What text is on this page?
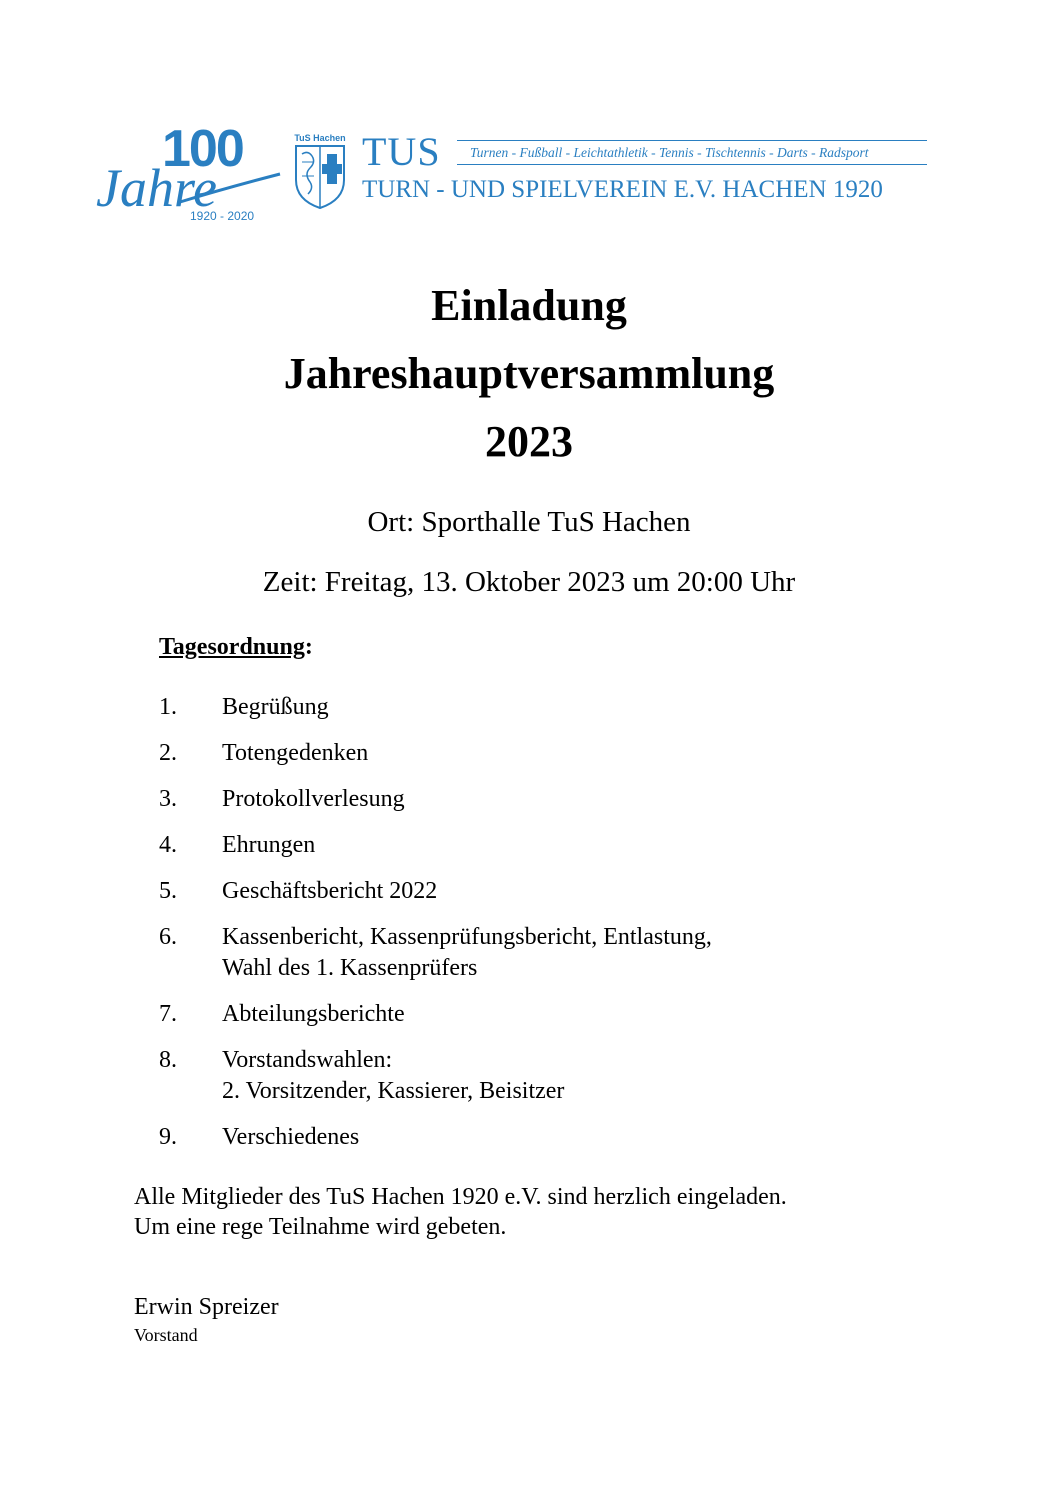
100
Jahre
1920 - 2020
TuS Hachen TUS Turnen - Fußball - Leichtathletik - Tennis - Tischtennis - Darts - Radsport
TURN - UND SPIELVEREIN E.V. HACHEN 1920
Einladung
Jahreshauptversammlung
2023
Ort: Sporthalle TuS Hachen
Zeit: Freitag, 13. Oktober 2023 um 20:00 Uhr
Tagesordnung:
1. Begrüßung
2. Totengedenken
3. Protokollverlesung
4. Ehrungen
5. Geschäftsbericht 2022
6. Kassenbericht, Kassenprüfungsbericht, Entlastung,
Wahl des 1. Kassenprüfers
7. Abteilungsberichte
8. Vorstandswahlen:
2. Vorsitzender, Kassierer, Beisitzer
9. Verschiedenes
Alle Mitglieder des TuS Hachen 1920 e.V. sind herzlich eingeladen.
Um eine rege Teilnahme wird gebeten.
Erwin Spreizer
Vorstand
